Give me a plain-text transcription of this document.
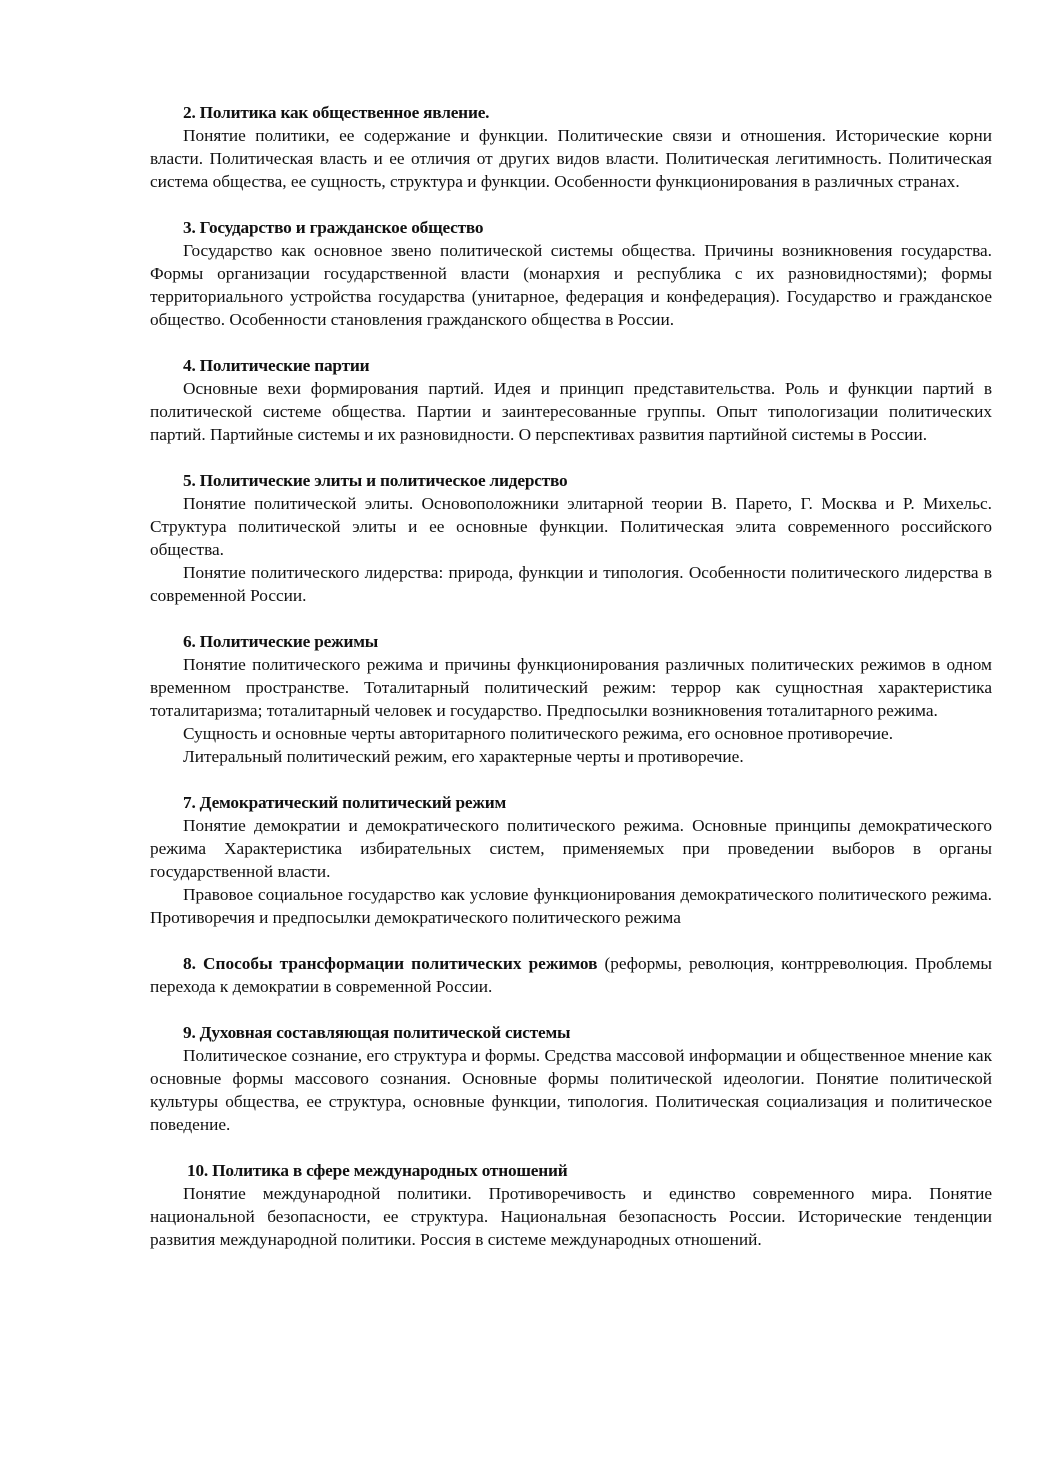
2. Политика как общественное явление.

Понятие политики, ее содержание и функции. Политические связи и отношения. Исторические корни власти. Политическая власть и ее отличия от других видов власти. Политическая легитимность. Политическая система общества, ее сущность, структура и функции. Особенности функционирования в различных странах.

3. Государство и гражданское общество

Государство как основное звено политической системы общества. Причины возникновения государства. Формы организации государственной власти (монархия и республика с их разновидностями); формы территориального устройства государства (унитарное, федерация и конфедерация). Государство и гражданское общество. Особенности становления гражданского общества в России.

4. Политические партии

Основные вехи формирования партий. Идея и принцип представительства. Роль и функции партий в политической системе общества. Партии и заинтересованные группы. Опыт типологизации политических партий. Партийные системы и их разновидности. О перспективах развития партийной системы в России.

5. Политические элиты и политическое лидерство

Понятие политической элиты. Основоположники элитарной теории В. Парето, Г. Москва и Р. Михельс. Структура политической элиты и ее основные функции. Политическая элита современного российского общества.

Понятие политического лидерства: природа, функции и типология. Особенности политического лидерства в современной России.

6. Политические режимы

Понятие политического режима и причины функционирования различных политических режимов в одном временном пространстве. Тоталитарный политический режим: террор как сущностная характеристика тоталитаризма; тоталитарный человек и государство. Предпосылки возникновения тоталитарного режима.

Сущность и основные черты авторитарного политического режима, его основное противоречие.

Литеральный политический режим, его характерные черты и противоречие.

7. Демократический политический режим

Понятие демократии и демократического политического режима. Основные принципы демократического режима Характеристика избирательных систем, применяемых при проведении выборов в органы государственной власти.

Правовое социальное государство как условие функционирования демократического политического режима. Противоречия и предпосылки демократического политического режима

8. Способы трансформации политических режимов (реформы, революция, контрреволюция. Проблемы перехода к демократии в современной России.

9. Духовная составляющая политической системы

Политическое сознание, его структура и формы. Средства массовой информации и общественное мнение как основные формы массового сознания. Основные формы политической идеологии. Понятие политической культуры общества, ее структура, основные функции, типология. Политическая социализация и политическое поведение.

10. Политика в сфере международных отношений

Понятие международной политики. Противоречивость и единство современного мира. Понятие национальной безопасности, ее структура. Национальная безопасность России. Исторические тенденции развития международной политики. Россия в системе международных отношений.
